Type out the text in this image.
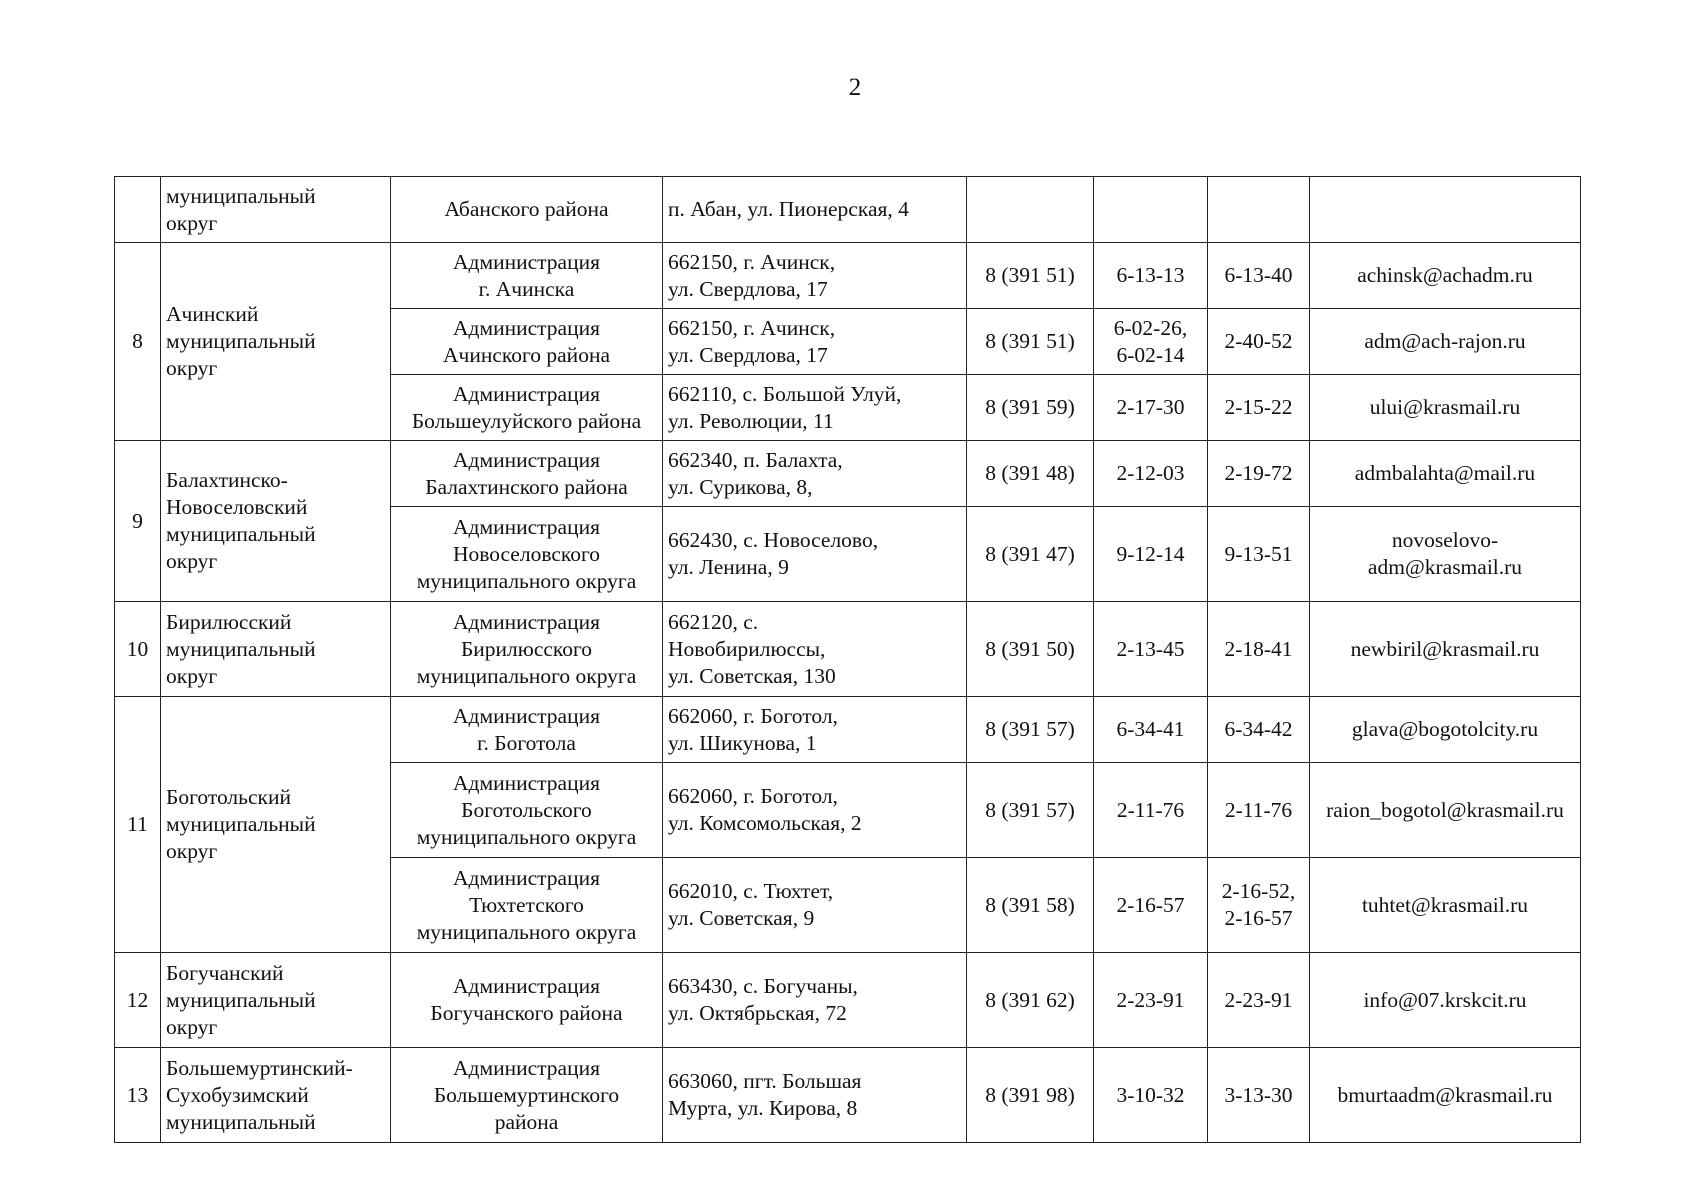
2

	муниципальный
округ	Абанского района	п. Абан, ул. Пионерская, 4				

8	Ачинский
муниципальный
округ	Администрация
г. Ачинска	662150, г. Ачинск,
ул. Свердлова, 17	8 (391 51)	6-13-13	6-13-40	achinsk@achadm.ru

		Администрация
Ачинского района	662150, г. Ачинск,
ул. Свердлова, 17	8 (391 51)	6-02-26,
6-02-14	2-40-52	adm@ach-rajon.ru

		Администрация
Большеулуйского района	662110, с. Большой Улуй,
ул. Революции, 11	8 (391 59)	2-17-30	2-15-22	ului@krasmail.ru

9	Балахтинско-
Новоселовский
муниципальный
округ	Администрация
Балахтинского района	662340, п. Балахта,
ул. Сурикова, 8,	8 (391 48)	2-12-03	2-19-72	admbalahta@mail.ru

		Администрация
Новоселовского
муниципального округа	662430, с. Новоселово,
ул. Ленина, 9	8 (391 47)	9-12-14	9-13-51	novoselovo-
adm@krasmail.ru

10	Бирилюсский
муниципальный
округ	Администрация
Бирилюсского
муниципального округа	662120, с.
Новобирилюссы,
ул. Советская, 130	8 (391 50)	2-13-45	2-18-41	newbiril@krasmail.ru

11	Боготольский
муниципальный
округ	Администрация
г. Боготола	662060, г. Боготол,
ул. Шикунова, 1	8 (391 57)	6-34-41	6-34-42	glava@bogotolcity.ru

		Администрация
Боготольского
муниципального округа	662060, г. Боготол,
ул. Комсомольская, 2	8 (391 57)	2-11-76	2-11-76	raion_bogotol@krasmail.ru

		Администрация
Тюхтетского
муниципального округа	662010, с. Тюхтет,
ул. Советская, 9	8 (391 58)	2-16-57	2-16-52,
2-16-57	tuhtet@krasmail.ru

12	Богучанский
муниципальный
округ	Администрация
Богучанского района	663430, с. Богучаны,
ул. Октябрьская, 72	8 (391 62)	2-23-91	2-23-91	info@07.krskcit.ru

13	Большемуртинский-
Сухобузимский
муниципальный	Администрация
Большемуртинского
района	663060, пгт. Большая
Мурта, ул. Кирова, 8	8 (391 98)	3-10-32	3-13-30	bmurtaadm@krasmail.ru
